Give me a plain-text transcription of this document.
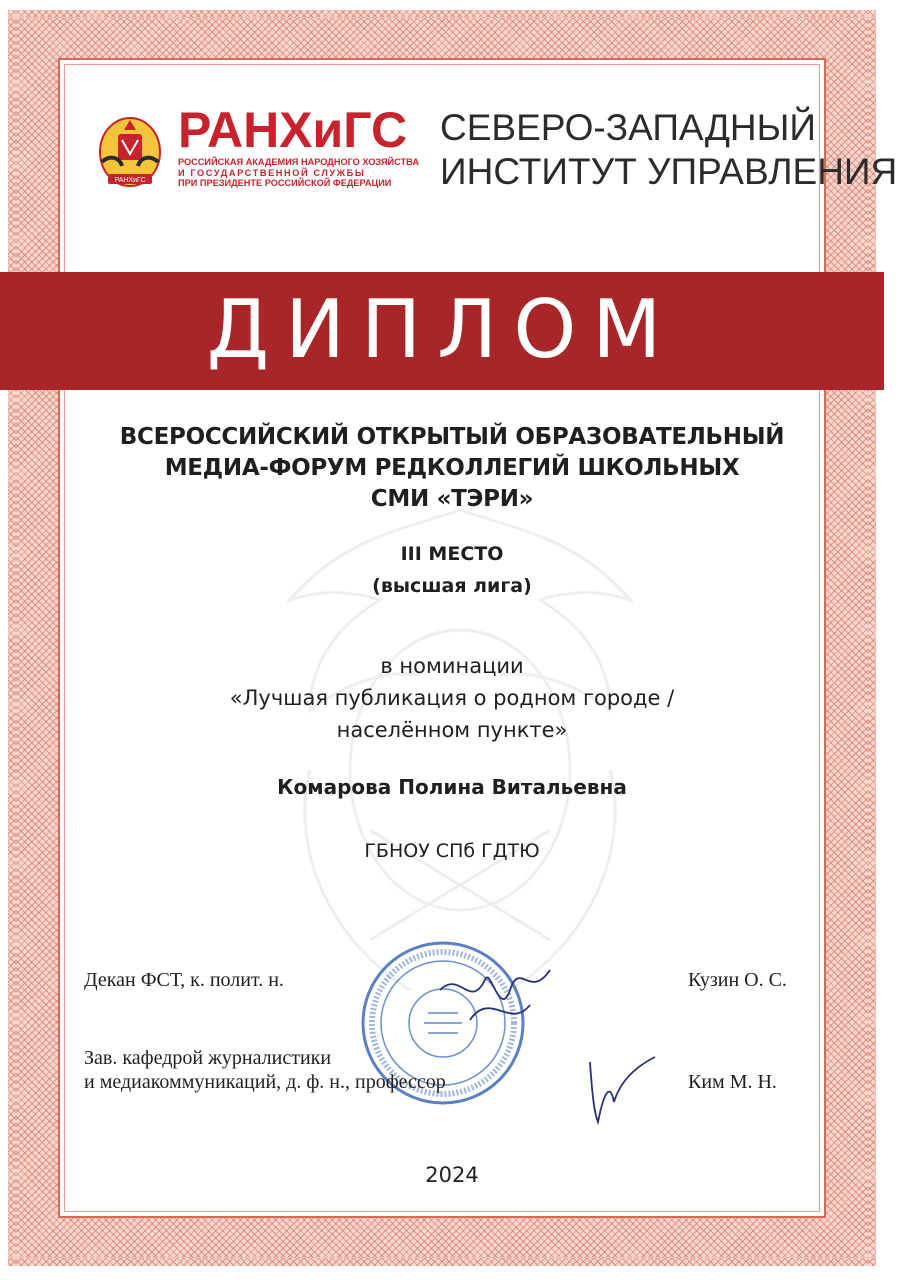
РАНХиГС
РАНХиГС
РОССИЙСКАЯ АКАДЕМИЯ НАРОДНОГО ХОЗЯЙСТВА
И ГОСУДАРСТВЕННОЙ СЛУЖБЫ
ПРИ ПРЕЗИДЕНТЕ РОССИЙСКОЙ ФЕДЕРАЦИИ
СЕВЕРО-ЗАПАДНЫЙ
ИНСТИТУТ УПРАВЛЕНИЯ
ДИПЛОМ
ВСЕРОССИЙСКИЙ ОТКРЫТЫЙ ОБРАЗОВАТЕЛЬНЫЙ
МЕДИА-ФОРУМ РЕДКОЛЛЕГИЙ ШКОЛЬНЫХ
СМИ «ТЭРИ»
III МЕСТО
(высшая лига)
в номинации
«Лучшая публикация о родном городе /
населённом пункте»
Комарова Полина Витальевна
ГБНОУ СПб ГДТЮ
Декан ФСТ, к. полит. н.	Кузин О. С.
Зав. кафедрой журналистики
и медиакоммуникаций, д. ф. н., профессор	Ким М. Н.
2024
